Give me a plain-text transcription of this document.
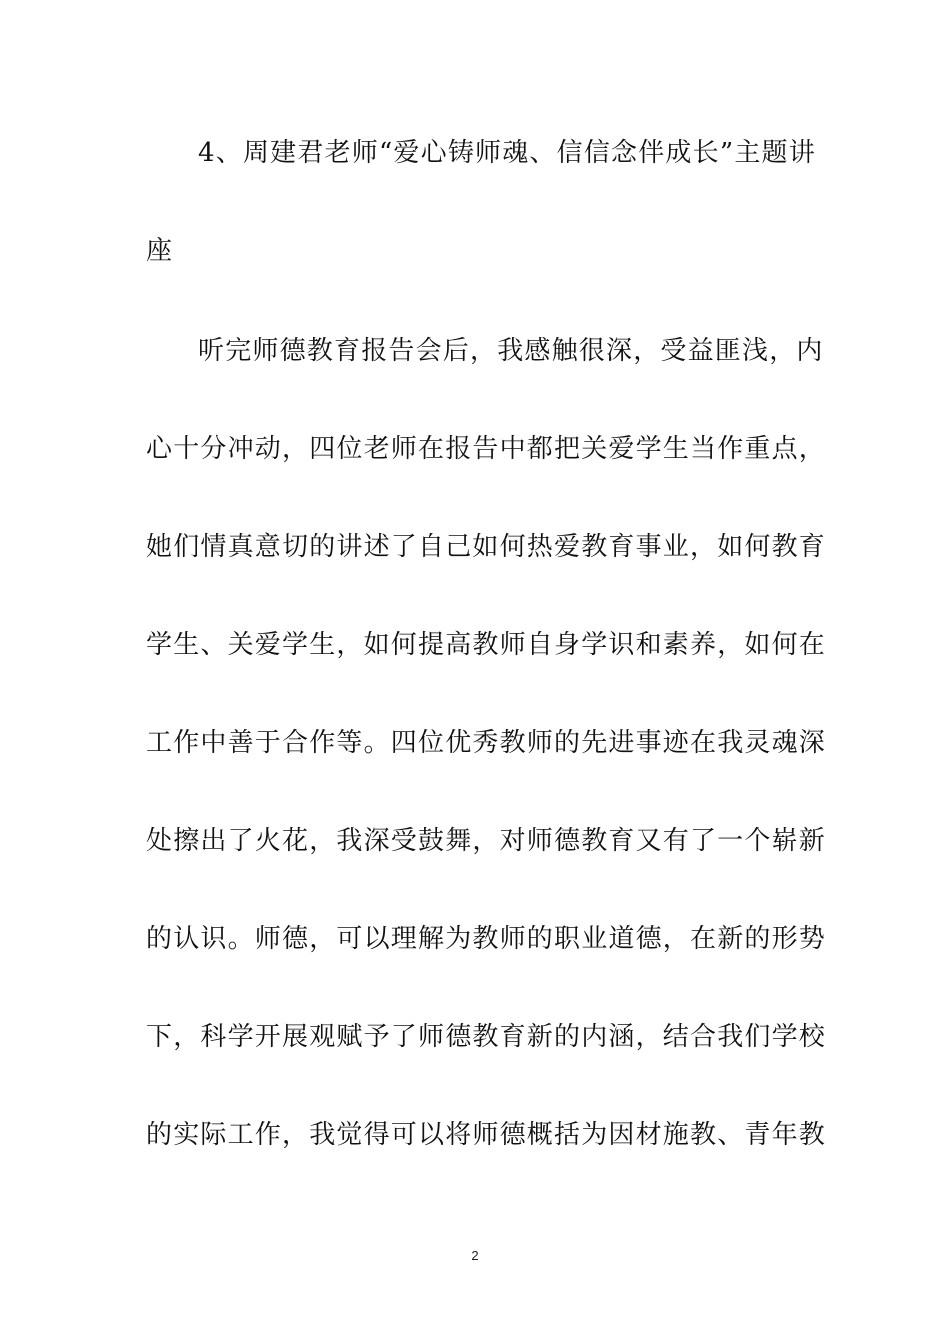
4、周建君老师“爱心铸师魂、信信念伴成长”主题讲
座
听完师德教育报告会后，我感触很深，受益匪浅，内
心十分冲动，四位老师在报告中都把关爱学生当作重点，
她们情真意切的讲述了自己如何热爱教育事业，如何教育
学生、关爱学生，如何提高教师自身学识和素养，如何在
工作中善于合作等。四位优秀教师的先进事迹在我灵魂深
处擦出了火花，我深受鼓舞，对师德教育又有了一个崭新
的认识。师德，可以理解为教师的职业道德，在新的形势
下，科学开展观赋予了师德教育新的内涵，结合我们学校
的实际工作，我觉得可以将师德概括为因材施教、青年教
2
